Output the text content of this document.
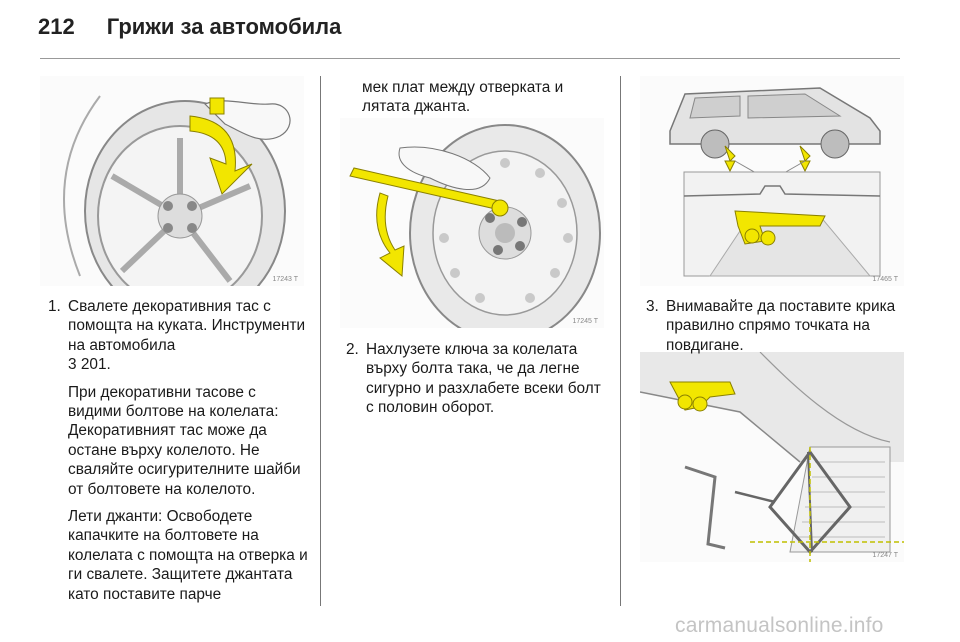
212 Грижи за автомобила
17243 T
17245 T
17465 T
17247 T
1. Свалете декоративния тас с помощта на куката. Инструменти на автомобила
3 201.

При декоративни тасове с видими болтове на колелата: Декоративният тас може да остане върху колелото. Не сваляйте осигурителните шайби от болтовете на колелото.

Лети джанти: Освободете капачките на болтовете на колелата с помощта на отверка и ги свалете. Защитете джантата като поставите парче

мек плат между отверката и лятата джанта.
2. Нахлузете ключа за колелата върху болта така, че да легне сигурно и разхлабете всеки болт с половин оборот.
3. Внимавайте да поставите крика правилно спрямо точката на повдигане.
carmanualsonline.info
